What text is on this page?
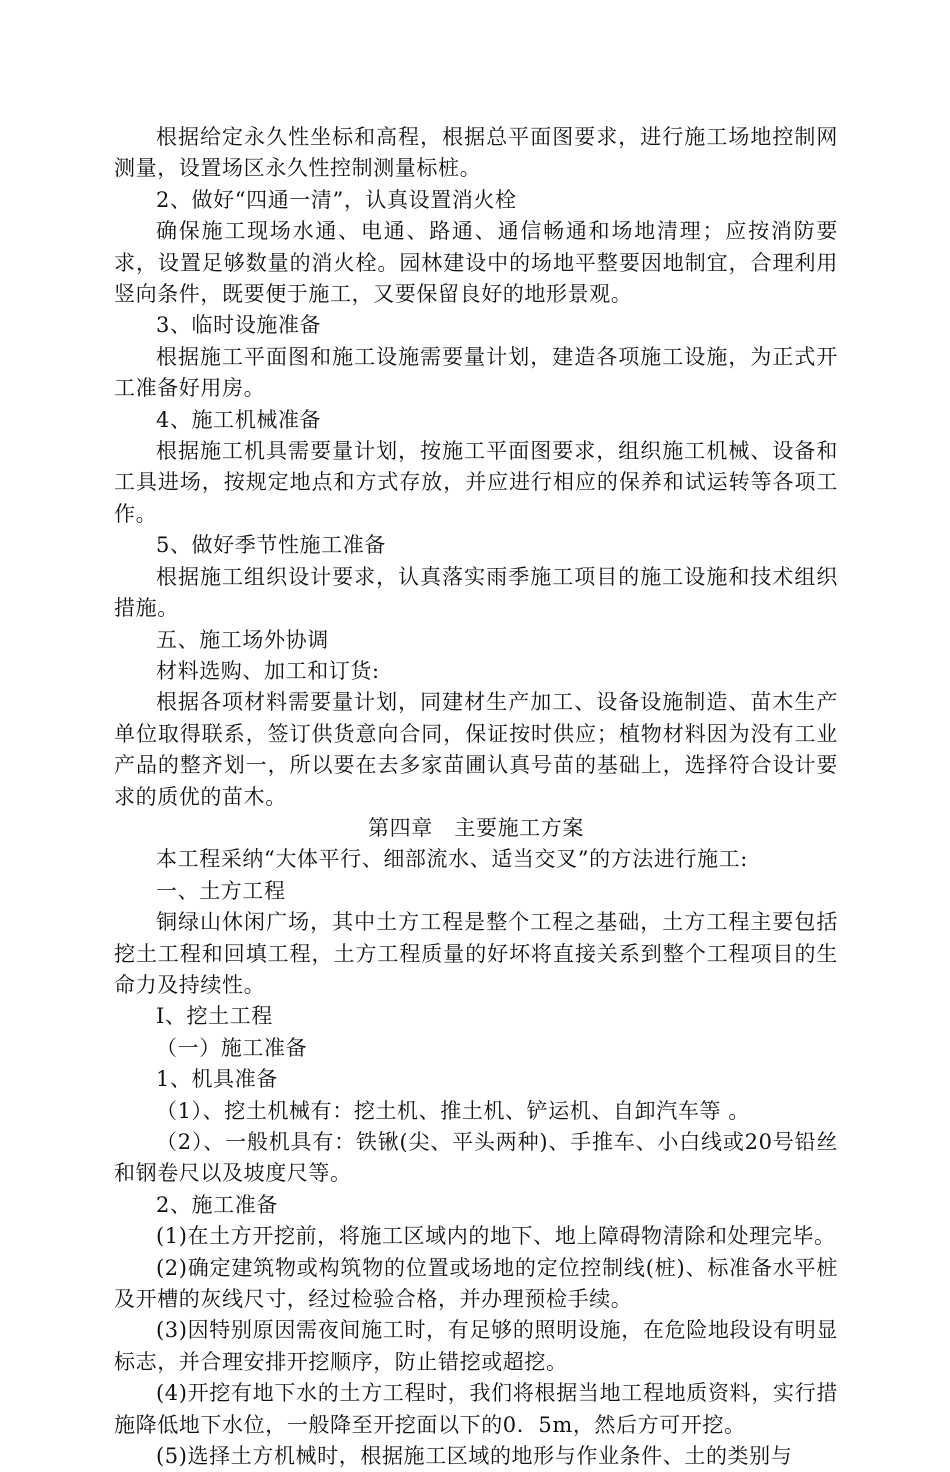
根据给定永久性坐标和高程，根据总平面图要求，进行施工场地控制网测量，设置场区永久性控制测量标桩。

2、做好“四通一清”，认真设置消火栓

确保施工现场水通、电通、路通、通信畅通和场地清理；应按消防要求，设置足够数量的消火栓。园林建设中的场地平整要因地制宜，合理利用竖向条件，既要便于施工，又要保留良好的地形景观。

3、临时设施准备

根据施工平面图和施工设施需要量计划，建造各项施工设施，为正式开工准备好用房。

4、施工机械准备

根据施工机具需要量计划，按施工平面图要求，组织施工机械、设备和工具进场，按规定地点和方式存放，并应进行相应的保养和试运转等各项工作。

5、做好季节性施工准备

根据施工组织设计要求，认真落实雨季施工项目的施工设施和技术组织措施。

五、施工场外协调

材料选购、加工和订货:

根据各项材料需要量计划，同建材生产加工、设备设施制造、苗木生产单位取得联系，签订供货意向合同，保证按时供应；植物材料因为没有工业产品的整齐划一，所以要在去多家苗圃认真号苗的基础上，选择符合设计要求的质优的苗木。

第四章　主要施工方案

本工程采纳“大体平行、细部流水、适当交叉”的方法进行施工:

一、土方工程

铜绿山休闲广场，其中土方工程是整个工程之基础，土方工程主要包括挖土工程和回填工程，土方工程质量的好坏将直接关系到整个工程项目的生命力及持续性。

Ⅰ、挖土工程

（一）施工准备

1、机具准备

（1）、挖土机械有：挖土机、推土机、铲运机、自卸汽车等 。

（2）、一般机具有：铁锹(尖、平头两种)、手推车、小白线或20号铅丝和钢卷尺以及坡度尺等。

2、施工准备

(1)在土方开挖前，将施工区域内的地下、地上障碍物清除和处理完毕。

(2)确定建筑物或构筑物的位置或场地的定位控制线(桩)、标准备水平桩及开槽的灰线尺寸，经过检验合格，并办理预检手续。

(3)因特别原因需夜间施工时，有足够的照明设施，在危险地段设有明显标志，并合理安排开挖顺序，防止错挖或超挖。

(4)开挖有地下水的土方工程时，我们将根据当地工程地质资料，实行措施降低地下水位，一般降至开挖面以下的0．5m，然后方可开挖。

(5)选择土方机械时，根据施工区域的地形与作业条件、土的类别与
